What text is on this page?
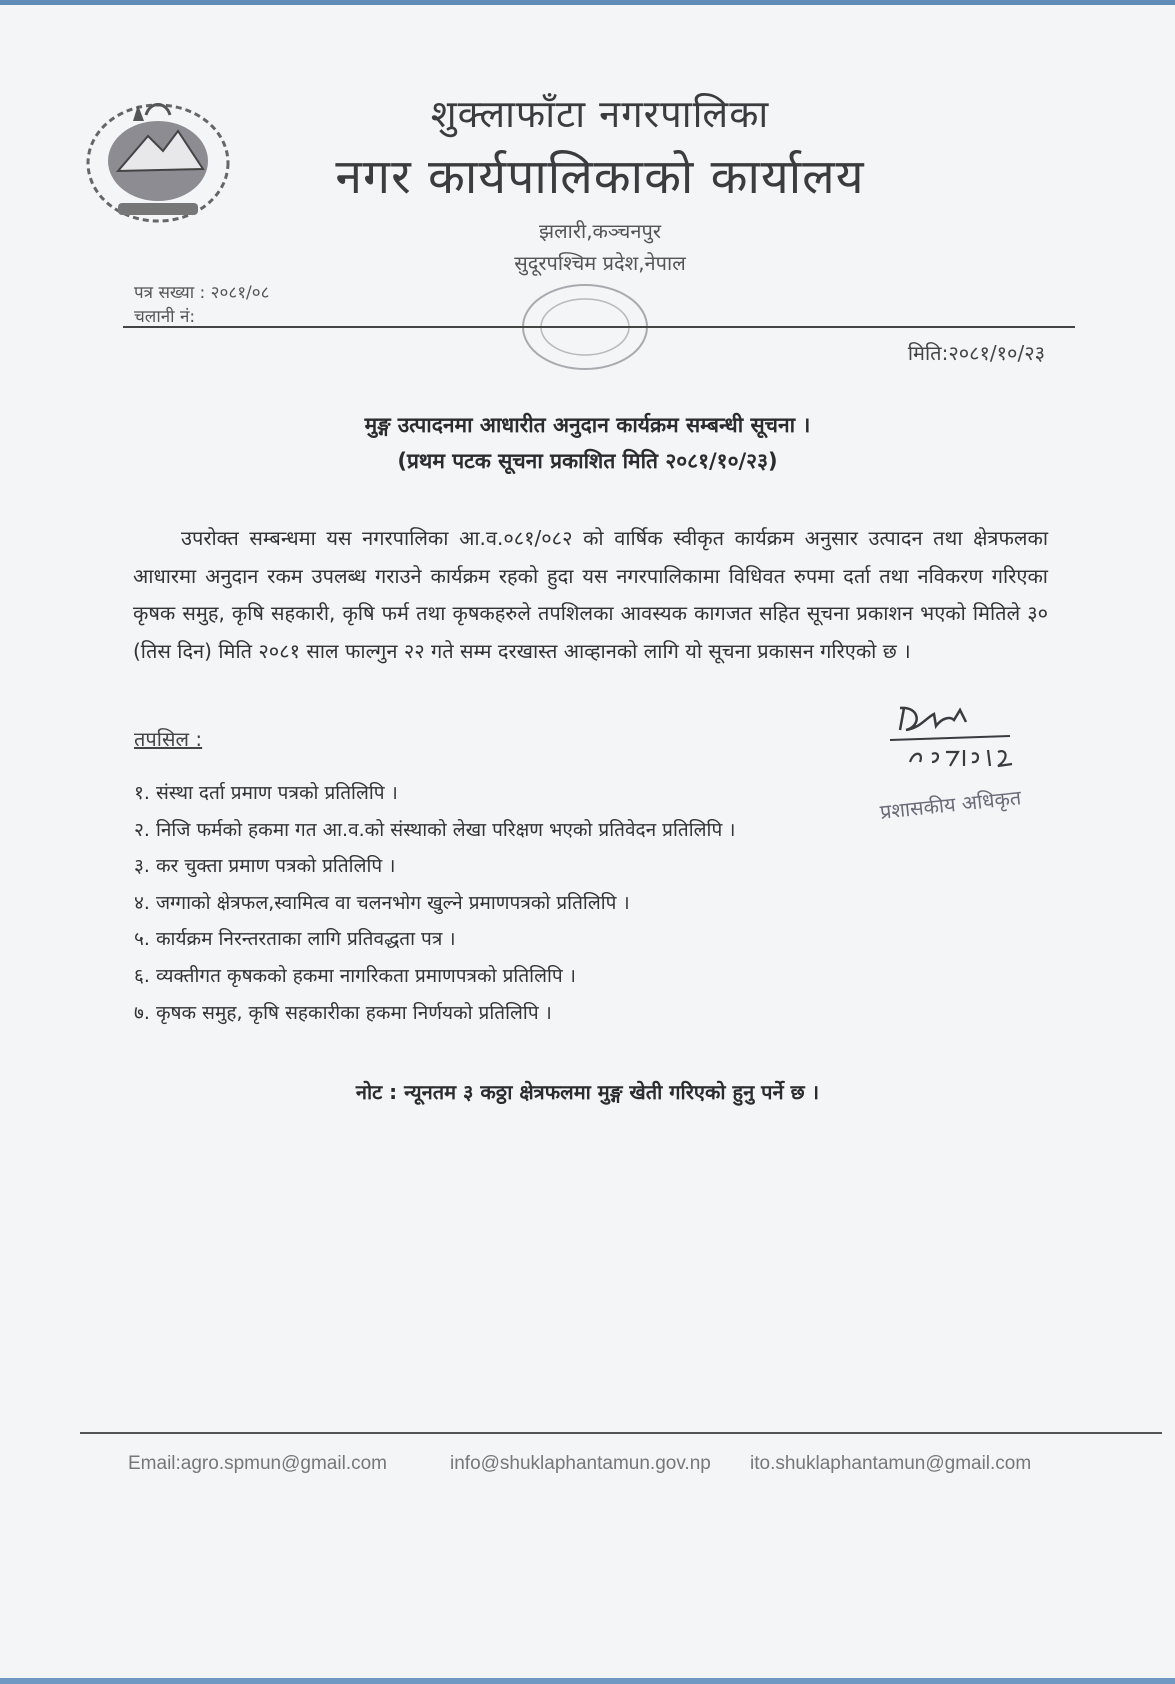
शुक्लाफाँटा नगरपालिका
नगर कार्यपालिकाको कार्यालय
झलारी,कञ्चनपुर
सुदूरपश्चिम प्रदेश,नेपाल
पत्र सख्या : २०८१/०८
चलानी नं:
मिति:२०८१/१०/२३
मुङ्ग उत्पादनमा आधारीत अनुदान कार्यक्रम सम्बन्धी सूचना ।
(प्रथम पटक सूचना प्रकाशित मिति २०८१/१०/२३)
उपरोक्त सम्बन्धमा यस नगरपालिका आ.व.०८१/०८२ को वार्षिक स्वीकृत कार्यक्रम अनुसार उत्पादन तथा क्षेत्रफलका आधारमा अनुदान रकम उपलब्ध गराउने कार्यक्रम रहको हुदा यस नगरपालिकामा विधिवत रुपमा दर्ता तथा नविकरण गरिएका कृषक समुह, कृषि सहकारी, कृषि फर्म तथा कृषकहरुले तपशिलका आवस्यक कागजत सहित सूचना प्रकाशन भएको मितिले ३० (तिस दिन) मिति २०८१ साल फाल्गुन २२ गते सम्म दरखास्त आव्हानको लागि यो सूचना प्रकासन गरिएको छ ।
तपसिल :
१. संस्था दर्ता प्रमाण पत्रको प्रतिलिपि ।
२. निजि फर्मको हकमा गत आ.व.को संस्थाको लेखा परिक्षण भएको प्रतिवेदन प्रतिलिपि ।
३. कर चुक्ता प्रमाण पत्रको प्रतिलिपि ।
४. जग्गाको क्षेत्रफल,स्वामित्व वा चलनभोग खुल्ने प्रमाणपत्रको प्रतिलिपि ।
५. कार्यक्रम निरन्तरताका लागि प्रतिवद्धता पत्र ।
६. व्यक्तीगत कृषकको हकमा नागरिकता प्रमाणपत्रको प्रतिलिपि ।
७. कृषक समुह, कृषि सहकारीका हकमा निर्णयको प्रतिलिपि ।
प्रशासकीय अधिकृत
नोट : न्यूनतम ३ कठ्ठा क्षेत्रफलमा मुङ्ग खेती गरिएको हुनु पर्ने छ ।
Email:agro.spmun@gmail.com	info@shuklaphantamun.gov.np ito.shuklaphantamun@gmail.com
